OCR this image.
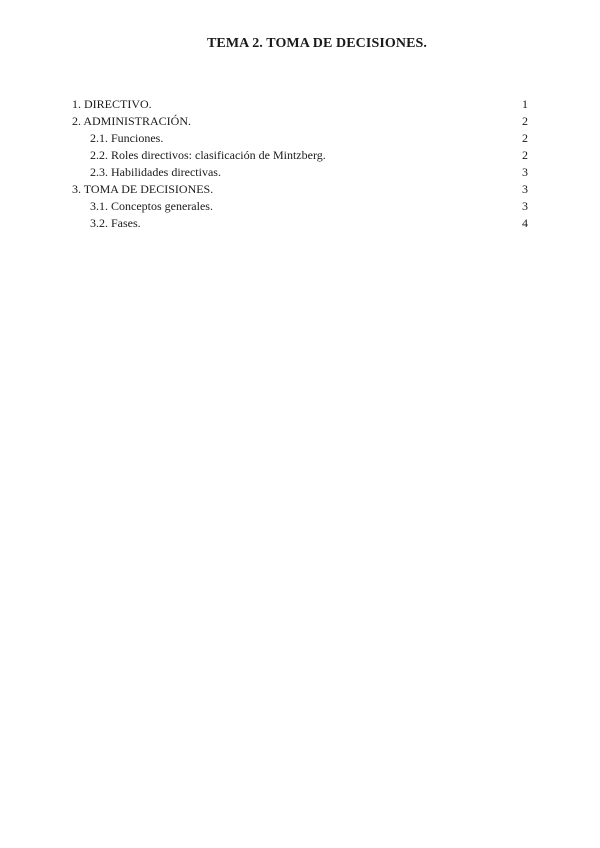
TEMA 2. TOMA DE DECISIONES.
1. DIRECTIVO.	1
2. ADMINISTRACIÓN.	2
2.1. Funciones.	2
2.2. Roles directivos: clasificación de Mintzberg.	2
2.3. Habilidades directivas.	3
3. TOMA DE DECISIONES.	3
3.1. Conceptos generales.	3
3.2. Fases.	4
